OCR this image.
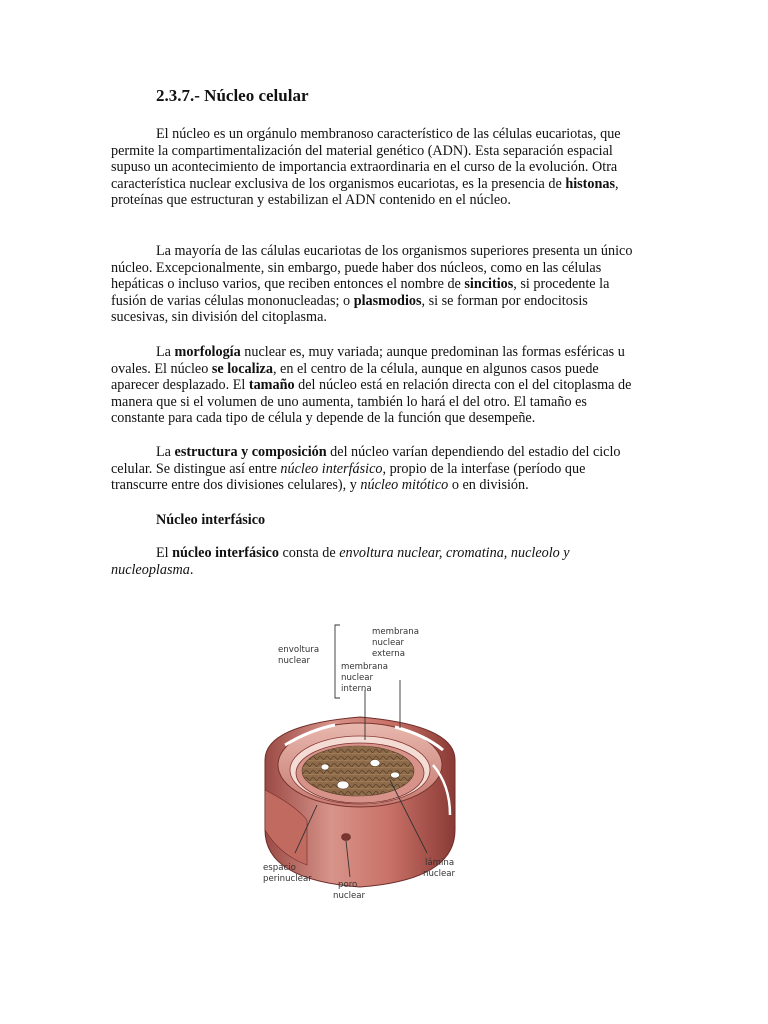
2.3.7.- Núcleo celular

El núcleo es un orgánulo membranoso característico de las células eucariotas, que permite la compartimentalización del material genético (ADN). Esta separación espacial supuso un acontecimiento de importancia extraordinaria en el curso de la evolución. Otra característica nuclear exclusiva de los organismos eucariotas, es la presencia de histonas, proteínas que estructuran y estabilizan el ADN contenido en el núcleo.

La mayoría de las cálulas eucariotas de los organismos superiores presenta un único núcleo. Excepcionalmente, sin embargo, puede haber dos núcleos, como en las células hepáticas o incluso varios, que reciben entonces el nombre de sincitios, si procedente la fusión de varias células mononucleadas; o plasmodios, si se forman por endocitosis sucesivas, sin división del citoplasma.

La morfología nuclear es, muy variada; aunque predominan las formas esféricas u ovales. El núcleo se localiza, en el centro de la célula, aunque en algunos casos puede aparecer desplazado. El tamaño del núcleo está en relación directa con el del citoplasma de manera que si el volumen de uno aumenta, también lo hará el del otro. El tamaño es constante para cada tipo de célula y depende de la función que desempeñe.

La estructura y composición del núcleo varían dependiendo del estadio del ciclo celular. Se distingue así entre núcleo interfásico, propio de la interfase (período que transcurre entre dos divisiones celulares), y núcleo mitótico o en división.

Núcleo interfásico

El núcleo interfásico consta de envoltura nuclear, cromatina, nucleolo y nucleoplasma.

envoltura
nuclear
membrana
nuclear
externa
membrana
nuclear
interna
espacio
perinuclear
poro
nuclear
lámina
nuclear
